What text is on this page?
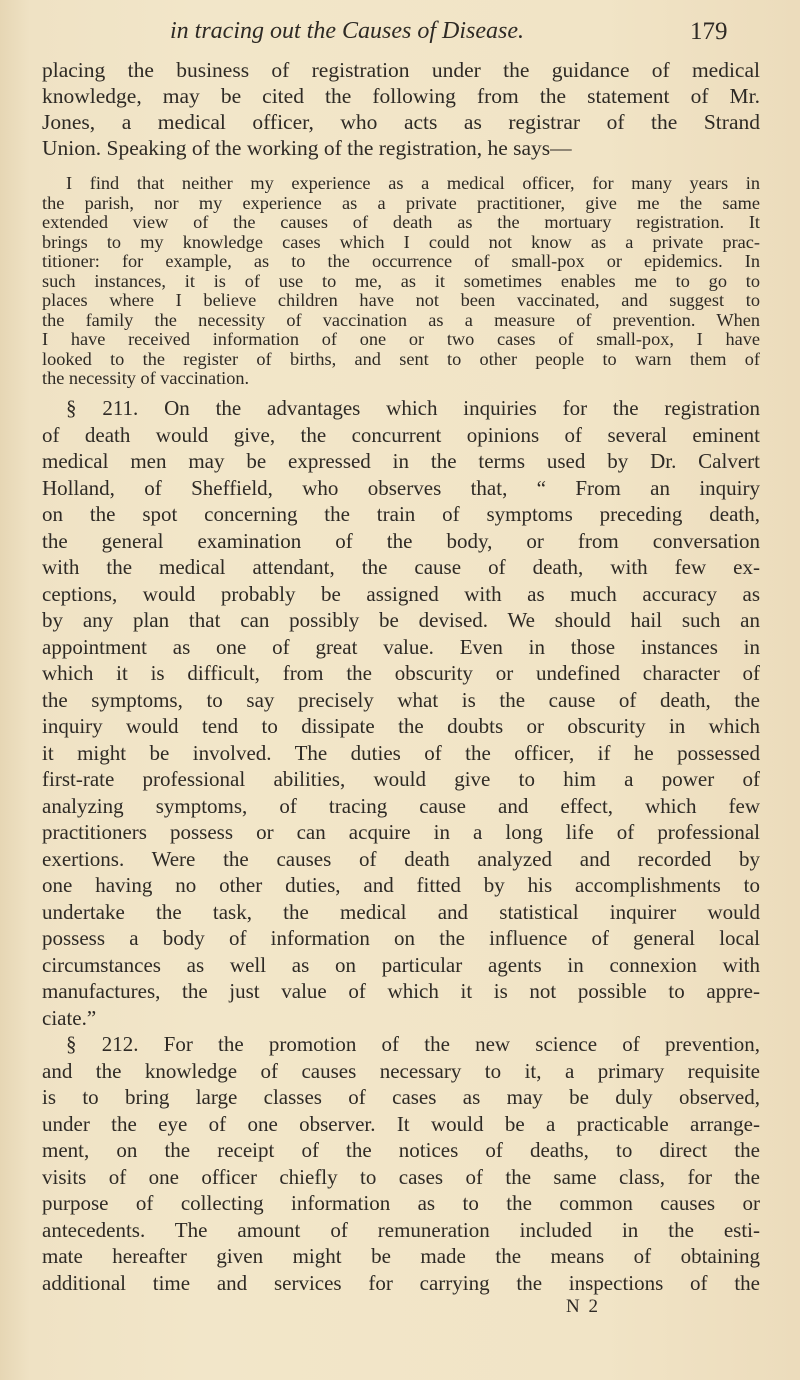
in tracing out the Causes of Disease.	179
placing the business of registration under the guidance of medical
knowledge, may be cited the following from the statement of Mr.
Jones, a medical officer, who acts as registrar of the Strand
Union. Speaking of the working of the registration, he says—
I find that neither my experience as a medical officer, for many years in
the parish, nor my experience as a private practitioner, give me the same
extended view of the causes of death as the mortuary registration. It
brings to my knowledge cases which I could not know as a private prac-
titioner: for example, as to the occurrence of small-pox or epidemics. In
such instances, it is of use to me, as it sometimes enables me to go to
places where I believe children have not been vaccinated, and suggest to
the family the necessity of vaccination as a measure of prevention. When
I have received information of one or two cases of small-pox, I have
looked to the register of births, and sent to other people to warn them of
the necessity of vaccination.
§ 211. On the advantages which inquiries for the registration
of death would give, the concurrent opinions of several eminent
medical men may be expressed in the terms used by Dr. Calvert
Holland, of Sheffield, who observes that, “ From an inquiry
on the spot concerning the train of symptoms preceding death,
the general examination of the body, or from conversation
with the medical attendant, the cause of death, with few ex-
ceptions, would probably be assigned with as much accuracy as
by any plan that can possibly be devised. We should hail such an
appointment as one of great value. Even in those instances in
which it is difficult, from the obscurity or undefined character of
the symptoms, to say precisely what is the cause of death, the
inquiry would tend to dissipate the doubts or obscurity in which
it might be involved. The duties of the officer, if he possessed
first-rate professional abilities, would give to him a power of
analyzing symptoms, of tracing cause and effect, which few
practitioners possess or can acquire in a long life of professional
exertions. Were the causes of death analyzed and recorded by
one having no other duties, and fitted by his accomplishments to
undertake the task, the medical and statistical inquirer would
possess a body of information on the influence of general local
circumstances as well as on particular agents in connexion with
manufactures, the just value of which it is not possible to appre-
ciate.”
§ 212. For the promotion of the new science of prevention,
and the knowledge of causes necessary to it, a primary requisite
is to bring large classes of cases as may be duly observed,
under the eye of one observer. It would be a practicable arrange-
ment, on the receipt of the notices of deaths, to direct the
visits of one officer chiefly to cases of the same class, for the
purpose of collecting information as to the common causes or
antecedents. The amount of remuneration included in the esti-
mate hereafter given might be made the means of obtaining
additional time and services for carrying the inspections of the
N 2
